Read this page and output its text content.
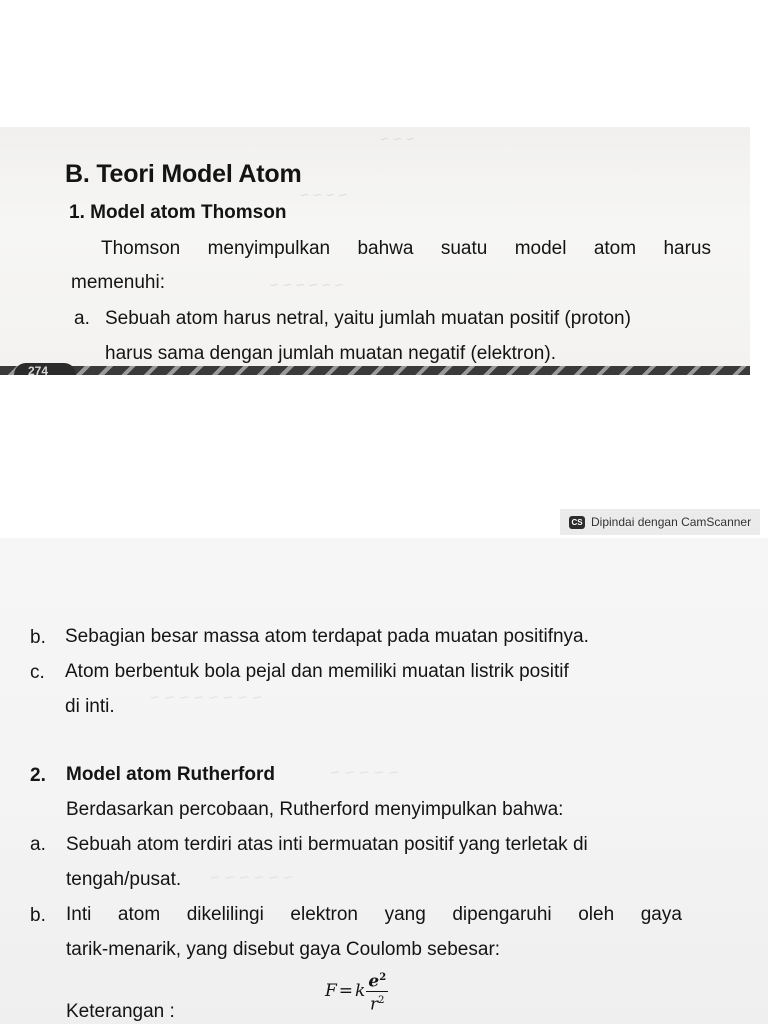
~ ~ ~
~ ~ ~ ~
~ ~ ~ ~ ~ ~
B. Teori Model Atom
1. Model atom Thomson
Thomson menyimpulkan bahwa suatu model atom harus
memenuhi:
a. Sebuah atom harus netral, yaitu jumlah muatan positif (proton)
harus sama dengan jumlah muatan negatif (elektron).
274
CS Dipindai dengan CamScanner
~ ~ ~ ~ ~ ~ ~ ~
~ ~ ~ ~ ~
~ ~ ~ ~ ~ ~
b. Sebagian besar massa atom terdapat pada muatan positifnya.
c. Atom berbentuk bola pejal dan memiliki muatan listrik positif
di inti.
2. Model atom Rutherford
Berdasarkan percobaan, Rutherford menyimpulkan bahwa:
a. Sebuah atom terdiri atas inti bermuatan positif yang terletak di
tengah/pusat.
b. Inti atom dikelilingi elektron yang dipengaruhi oleh gaya
tarik-menarik, yang disebut gaya Coulomb sebesar:
F = k $\frac{e^2}{r^2}$
Keterangan :
